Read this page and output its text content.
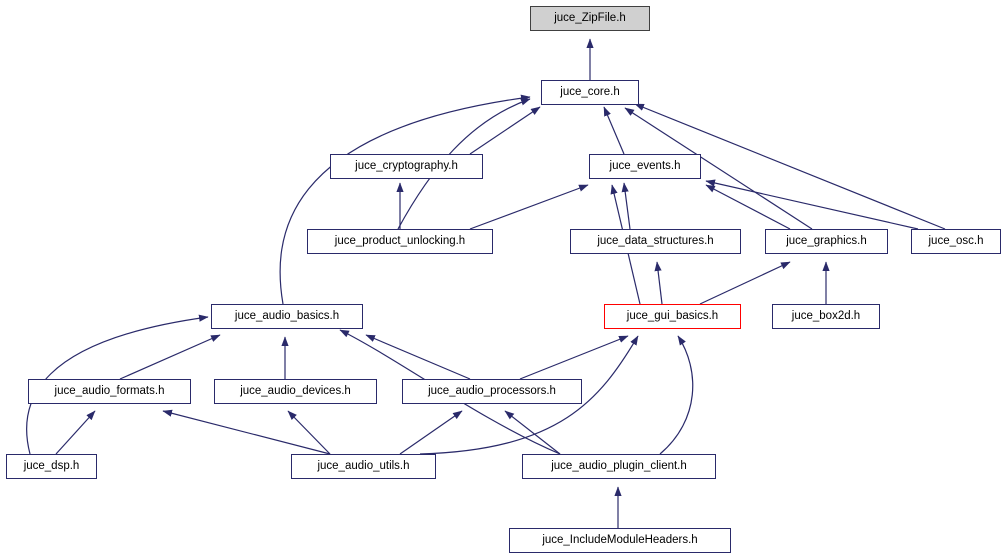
juce_ZipFile.h
juce_core.h
juce_cryptography.h	juce_events.h
juce_product_unlocking.h	juce_data_structures.h	juce_graphics.h	juce_osc.h
juce_audio_basics.h	juce_gui_basics.h	juce_box2d.h
juce_audio_formats.h	juce_audio_devices.h	juce_audio_processors.h
juce_dsp.h	juce_audio_utils.h	juce_audio_plugin_client.h
juce_IncludeModuleHeaders.h
